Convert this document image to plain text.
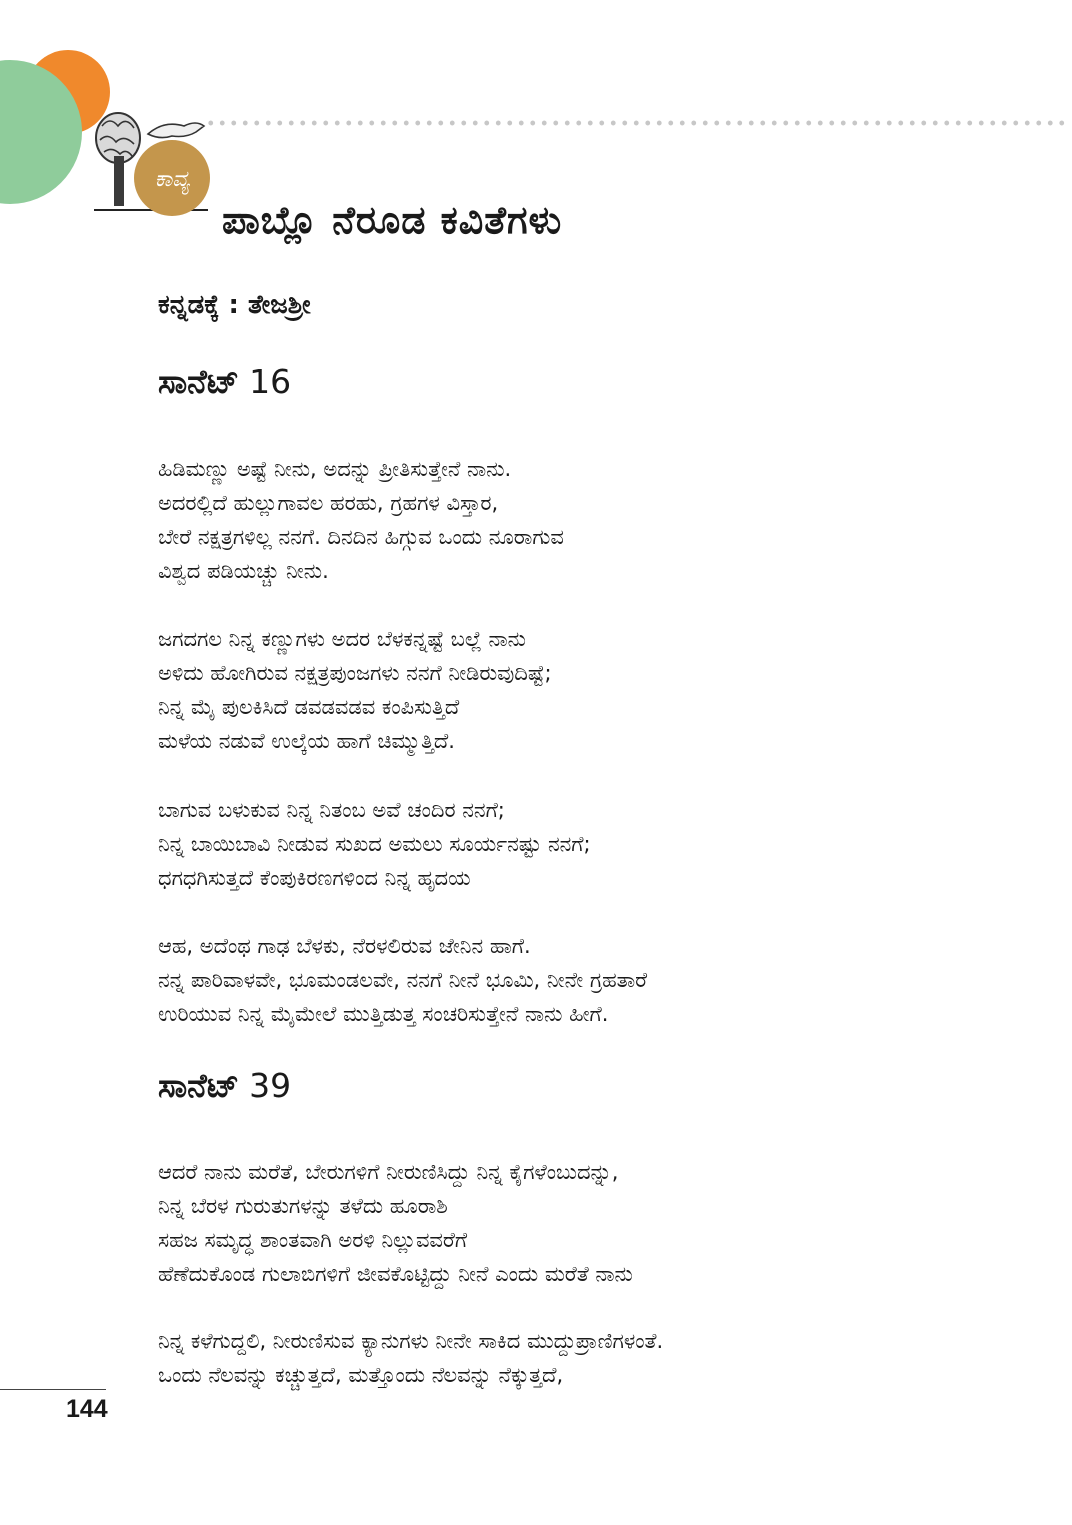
ಕಾವ್ಯ
ಪಾಬ್ಲೊ ನೆರೂಡ ಕವಿತೆಗಳು

ಕನ್ನಡಕ್ಕೆ : ತೇಜಶ್ರೀ

ಸಾನೆಟ್ 16
ಹಿಡಿಮಣ್ಣು ಅಷ್ಟೆ ನೀನು, ಅದನ್ನು ಪ್ರೀತಿಸುತ್ತೇನೆ ನಾನು.
ಅದರಲ್ಲಿದೆ ಹುಲ್ಲುಗಾವಲ ಹರಹು, ಗ್ರಹಗಳ ವಿಸ್ತಾರ,
ಬೇರೆ ನಕ್ಷತ್ರಗಳಿಲ್ಲ ನನಗೆ. ದಿನದಿನ ಹಿಗ್ಗುವ ಒಂದು ನೂರಾಗುವ
ವಿಶ್ವದ ಪಡಿಯಚ್ಚು ನೀನು.
ಜಗದಗಲ ನಿನ್ನ ಕಣ್ಣುಗಳು ಅದರ ಬೆಳಕನ್ನಷ್ಟೆ ಬಲ್ಲೆ ನಾನು
ಅಳಿದು ಹೋಗಿರುವ ನಕ್ಷತ್ರಪುಂಜಗಳು ನನಗೆ ನೀಡಿರುವುದಿಷ್ಟೆ;
ನಿನ್ನ ಮೈ ಪುಲಕಿಸಿದೆ ಡವಡವಡವ ಕಂಪಿಸುತ್ತಿದೆ
ಮಳೆಯ ನಡುವೆ ಉಲ್ಕೆಯ ಹಾಗೆ ಚಿಮ್ಮುತ್ತಿದೆ.
ಬಾಗುವ ಬಳುಕುವ ನಿನ್ನ ನಿತಂಬ ಅವೆ ಚಂದಿರ ನನಗೆ;
ನಿನ್ನ ಬಾಯಿಬಾವಿ ನೀಡುವ ಸುಖದ ಅಮಲು ಸೂರ್ಯನಷ್ಟು ನನಗೆ;
ಧಗಧಗಿಸುತ್ತದೆ ಕೆಂಪುಕಿರಣಗಳಿಂದ ನಿನ್ನ ಹೃದಯ
ಆಹ, ಅದೆಂಥ ಗಾಢ ಬೆಳಕು, ನೆರಳಲಿರುವ ಜೇನಿನ ಹಾಗೆ.
ನನ್ನ ಪಾರಿವಾಳವೇ, ಭೂಮಂಡಲವೇ, ನನಗೆ ನೀನೆ ಭೂಮಿ, ನೀನೇ ಗ್ರಹತಾರೆ
ಉರಿಯುವ ನಿನ್ನ ಮೈಮೇಲೆ ಮುತ್ತಿಡುತ್ತ ಸಂಚರಿಸುತ್ತೇನೆ ನಾನು ಹೀಗೆ.
ಸಾನೆಟ್ 39
ಆದರೆ ನಾನು ಮರೆತೆ, ಬೇರುಗಳಿಗೆ ನೀರುಣಿಸಿದ್ದು ನಿನ್ನ ಕೈಗಳೆಂಬುದನ್ನು,
ನಿನ್ನ ಬೆರಳ ಗುರುತುಗಳನ್ನು ತಳೆದು ಹೂರಾಶಿ
ಸಹಜ ಸಮೃದ್ಧ ಶಾಂತವಾಗಿ ಅರಳಿ ನಿಲ್ಲುವವರೆಗೆ
ಹೆಣೆದುಕೊಂಡ ಗುಲಾಬಿಗಳಿಗೆ ಜೀವಕೊಟ್ಟಿದ್ದು ನೀನೆ ಎಂದು ಮರೆತೆ ನಾನು
ನಿನ್ನ ಕಳೆಗುದ್ದಲಿ, ನೀರುಣಿಸುವ ಕ್ಯಾನುಗಳು ನೀನೇ ಸಾಕಿದ ಮುದ್ದುಪ್ರಾಣಿಗಳಂತೆ.
ಒಂದು ನೆಲವನ್ನು ಕಚ್ಚುತ್ತದೆ, ಮತ್ತೊಂದು ನೆಲವನ್ನು ನೆಕ್ಕುತ್ತದೆ,
144
